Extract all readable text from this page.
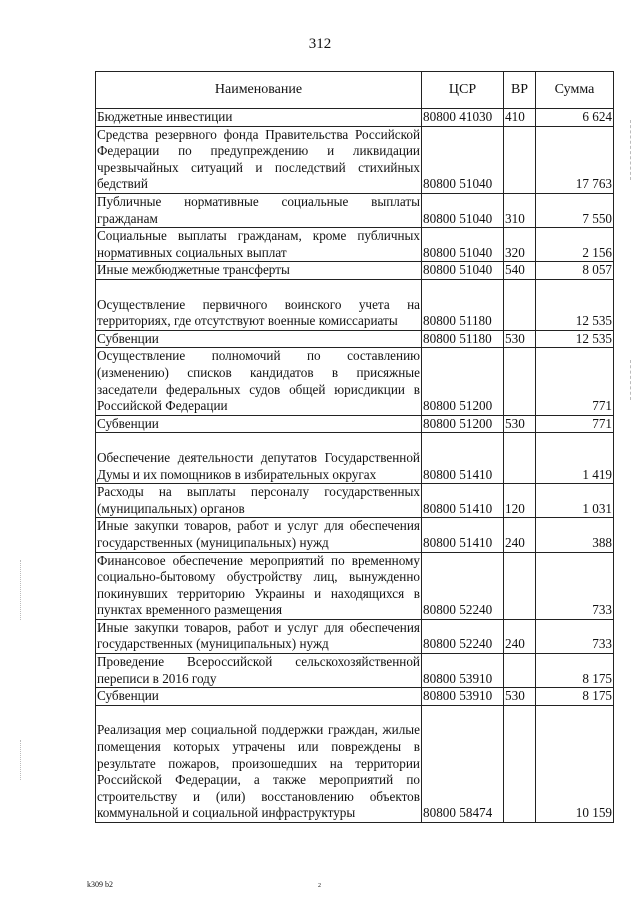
312
Наименование	ЦСР	ВР	Сумма
Бюджетные инвестиции	80800 41030	410	6 624
Средства резервного фонда Правительства Российской Федерации по предупреждению и ликвидации чрезвычайных ситуаций и последствий стихийных бедствий	80800 51040		17 763
Публичные нормативные социальные выплаты гражданам	80800 51040	310	7 550
Социальные выплаты гражданам, кроме публичных нормативных социальных выплат	80800 51040	320	2 156
Иные межбюджетные трансферты	80800 51040	540	8 057
Осуществление первичного воинского учета на территориях, где отсутствуют военные комиссариаты	80800 51180		12 535
Субвенции	80800 51180	530	12 535
Осуществление полномочий по составлению (изменению) списков кандидатов в присяжные заседатели федеральных судов общей юрисдикции в Российской Федерации	80800 51200		771
Субвенции	80800 51200	530	771
Обеспечение деятельности депутатов Государственной Думы и их помощников в избирательных округах	80800 51410		1 419
Расходы на выплаты персоналу государственных (муниципальных) органов	80800 51410	120	1 031
Иные закупки товаров, работ и услуг для обеспечения государственных (муниципальных) нужд	80800 51410	240	388
Финансовое обеспечение мероприятий по временному социально-бытовому обустройству лиц, вынужденно покинувших территорию Украины и находящихся в пунктах временного размещения	80800 52240		733
Иные закупки товаров, работ и услуг для обеспечения государственных (муниципальных) нужд	80800 52240	240	733
Проведение Всероссийской сельскохозяйственной переписи в 2016 году	80800 53910		8 175
Субвенции	80800 53910	530	8 175
Реализация мер социальной поддержки граждан, жилые помещения которых утрачены или повреждены в результате пожаров, произошедших на территории Российской Федерации, а также мероприятий по строительству и (или) восстановлению объектов коммунальной и социальной инфраструктуры	80800 58474		10 159
k309 b2	2
